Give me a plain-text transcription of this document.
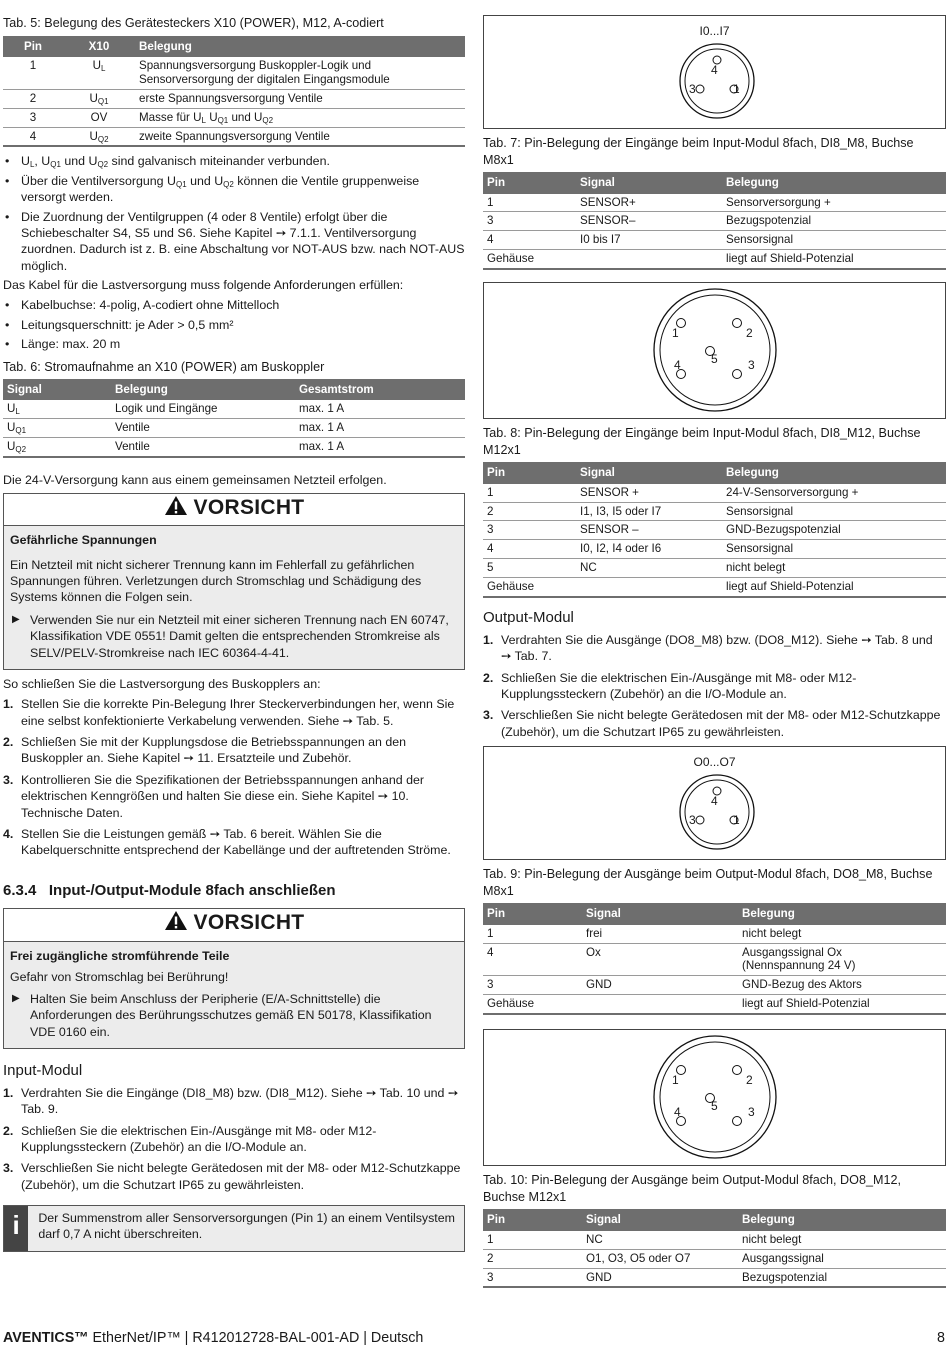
Tab. 5: Belegung des Gerätesteckers X10 (POWER), M12, A-codiert
Pin	X10	Belegung
1	$U_L$	Spannungsversorgung Buskoppler-Logik und Sensorversorgung der digitalen Eingangsmodule
2	$U_{Q1}$	erste Spannungsversorgung Ventile
3	OV	Masse für $U_L$ $U_{Q1}$ und $U_{Q2}$
4	$U_{Q2}$	zweite Spannungsversorgung Ventile
• $U_L$, $U_{Q1}$ und $U_{Q2}$ sind galvanisch miteinander verbunden.
• Über die Ventilversorgung $U_{Q1}$ und $U_{Q2}$ können die Ventile gruppenweise versorgt werden.
• Die Zuordnung der Ventilgruppen (4 oder 8 Ventile) erfolgt über die Schiebeschalter S4, S5 und S6. Siehe Kapitel ➙ 7.1.1. Ventilversorgung zuordnen. Dadurch ist z. B. eine Abschaltung vor NOT-AUS bzw. nach NOT-AUS möglich.

Das Kabel für die Lastversorgung muss folgende Anforderungen erfüllen:

• Kabelbuchse: 4-polig, A-codiert ohne Mittelloch
• Leitungsquerschnitt: je Ader > 0,5 mm²
• Länge: max. 20 m
Tab. 6: Stromaufnahme an X10 (POWER) am Buskoppler
Signal	Belegung	Gesamtstrom
$U_L$	Logik und Eingänge	max. 1 A
$U_{Q1}$	Ventile	max. 1 A
$U_{Q2}$	Ventile	max. 1 A

Die 24-V-Versorgung kann aus einem gemeinsamen Netzteil erfolgen.

VORSICHT
Gefährliche Spannungen
Ein Netzteil mit nicht sicherer Trennung kann im Fehlerfall zu gefährlichen Spannungen führen. Verletzungen durch Stromschlag und Schädigung des Systems können die Folgen sein.
▶ Verwenden Sie nur ein Netzteil mit einer sicheren Trennung nach EN 60747, Klassifikation VDE 0551! Damit gelten die entsprechenden Stromkreise als SELV/PELV-Stromkreise nach IEC 60364-4-41.

So schließen Sie die Lastversorgung des Buskopplers an:

1. Stellen Sie die korrekte Pin-Belegung Ihrer Steckerverbindungen her, wenn Sie eine selbst konfektionierte Verkabelung verwenden. Siehe ➙ Tab. 5.
2. Schließen Sie mit der Kupplungsdose die Betriebsspannungen an den Buskoppler an. Siehe Kapitel ➙ 11. Ersatzteile und Zubehör.
3. Kontrollieren Sie die Spezifikationen der Betriebsspannungen anhand der elektrischen Kenngrößen und halten Sie diese ein. Siehe Kapitel ➙ 10. Technische Daten.
4. Stellen Sie die Leistungen gemäß ➙ Tab. 6 bereit. Wählen Sie die Kabelquerschnitte entsprechend der Kabellänge und der auftretenden Ströme.
6.3.4   Input-/Output-Module 8fach anschließen
VORSICHT
Frei zugängliche stromführende Teile
Gefahr von Stromschlag bei Berührung!
▶ Halten Sie beim Anschluss der Peripherie (E/A-Schnittstelle) die Anforderungen des Berührungsschutzes gemäß EN 50178, Klassifikation VDE 0160 ein.
Input-Modul
1. Verdrahten Sie die Eingänge (DI8_M8) bzw. (DI8_M12). Siehe ➙ Tab. 10 und ➙ Tab. 9.
2. Schließen Sie die elektrischen Ein-/Ausgänge mit M8- oder M12-Kupplungssteckern (Zubehör) an die I/O-Module an.
3. Verschließen Sie nicht belegte Gerätedosen mit der M8- oder M12-Schutzkappe (Zubehör), um die Schutzart IP65 zu gewährleisten.
i	Der Summenstrom aller Sensorversorgungen (Pin 1) an einem Ventilsystem darf 0,7 A nicht überschreiten.
I0...I7
4
3	1
Tab. 7: Pin-Belegung der Eingänge beim Input-Modul 8fach, DI8_M8, Buchse M8x1
Pin	Signal	Belegung
1	SENSOR+	Sensorversorgung +
3	SENSOR–	Bezugspotenzial
4	I0 bis I7	Sensorsignal
Gehäuse		liegt auf Shield-Potenzial
1	2
5
4	3
Tab. 8: Pin-Belegung der Eingänge beim Input-Modul 8fach, DI8_M12, Buchse M12x1
Pin	Signal	Belegung
1	SENSOR +	24-V-Sensorversorgung +
2	I1, I3, I5 oder I7	Sensorsignal
3	SENSOR –	GND-Bezugspotenzial
4	I0, I2, I4 oder I6	Sensorsignal
5	NC	nicht belegt
Gehäuse		liegt auf Shield-Potenzial
Output-Modul
1. Verdrahten Sie die Ausgänge (DO8_M8) bzw. (DO8_M12). Siehe ➙ Tab. 8 und ➙ Tab. 7.
2. Schließen Sie die elektrischen Ein-/Ausgänge mit M8- oder M12-Kupplungssteckern (Zubehör) an die I/O-Module an.
3. Verschließen Sie nicht belegte Gerätedosen mit der M8- oder M12-Schutzkappe (Zubehör), um die Schutzart IP65 zu gewährleisten.
O0...O7
4
3	1
Tab. 9: Pin-Belegung der Ausgänge beim Output-Modul 8fach, DO8_M8, Buchse M8x1
Pin	Signal	Belegung
1	frei	nicht belegt
4	Ox	Ausgangssignal Ox (Nennspannung 24 V)
3	GND	GND-Bezug des Aktors
Gehäuse		liegt auf Shield-Potenzial
1	2
5
4	3
Tab. 10: Pin-Belegung der Ausgänge beim Output-Modul 8fach, DO8_M12, Buchse M12x1
Pin	Signal	Belegung
1	NC	nicht belegt
2	O1, O3, O5 oder O7	Ausgangssignal
3	GND	Bezugspotenzial
AVENTICS™ EtherNet/IP™ | R412012728-BAL-001-AD | Deutsch	8
